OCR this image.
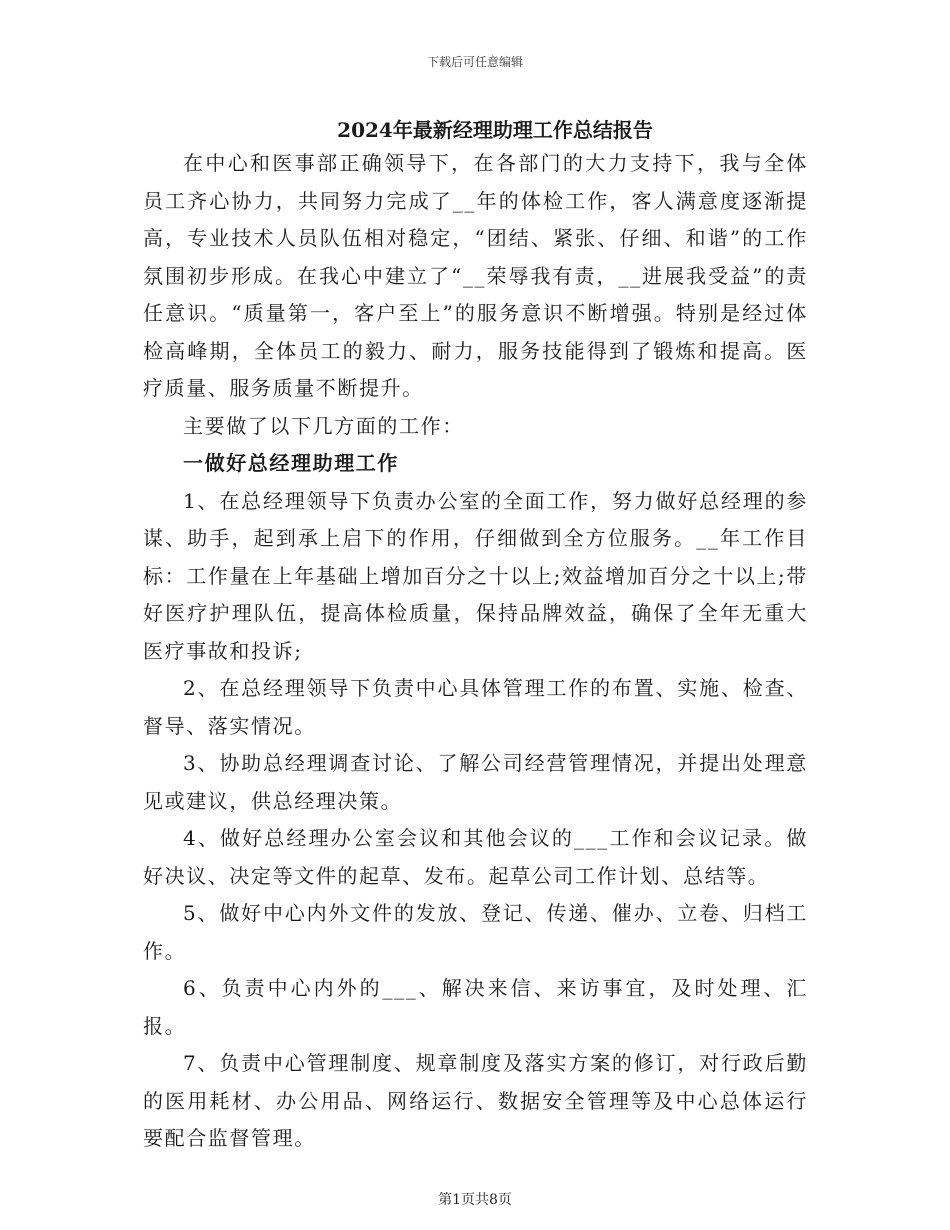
下载后可任意编辑
2024年最新经理助理工作总结报告

在中心和医事部正确领导下，在各部门的大力支持下，我与全体员工齐心协力，共同努力完成了__年的体检工作，客人满意度逐渐提高，专业技术人员队伍相对稳定，“团结、紧张、仔细、和谐”的工作氛围初步形成。在我心中建立了“__荣辱我有责，__进展我受益”的责任意识。“质量第一，客户至上”的服务意识不断增强。特别是经过体检高峰期，全体员工的毅力、耐力，服务技能得到了锻炼和提高。医疗质量、服务质量不断提升。

主要做了以下几方面的工作：

一做好总经理助理工作

1、在总经理领导下负责办公室的全面工作，努力做好总经理的参谋、助手，起到承上启下的作用，仔细做到全方位服务。__年工作目标：工作量在上年基础上增加百分之十以上;效益增加百分之十以上;带好医疗护理队伍，提高体检质量，保持品牌效益，确保了全年无重大医疗事故和投诉;

2、在总经理领导下负责中心具体管理工作的布置、实施、检查、督导、落实情况。

3、协助总经理调查讨论、了解公司经营管理情况，并提出处理意见或建议，供总经理决策。

4、做好总经理办公室会议和其他会议的___工作和会议记录。做好决议、决定等文件的起草、发布。起草公司工作计划、总结等。

5、做好中心内外文件的发放、登记、传递、催办、立卷、归档工作。

6、负责中心内外的___、解决来信、来访事宜，及时处理、汇报。

7、负责中心管理制度、规章制度及落实方案的修订，对行政后勤的医用耗材、办公用品、网络运行、数据安全管理等及中心总体运行要配合监督管理。

第1页共8页
